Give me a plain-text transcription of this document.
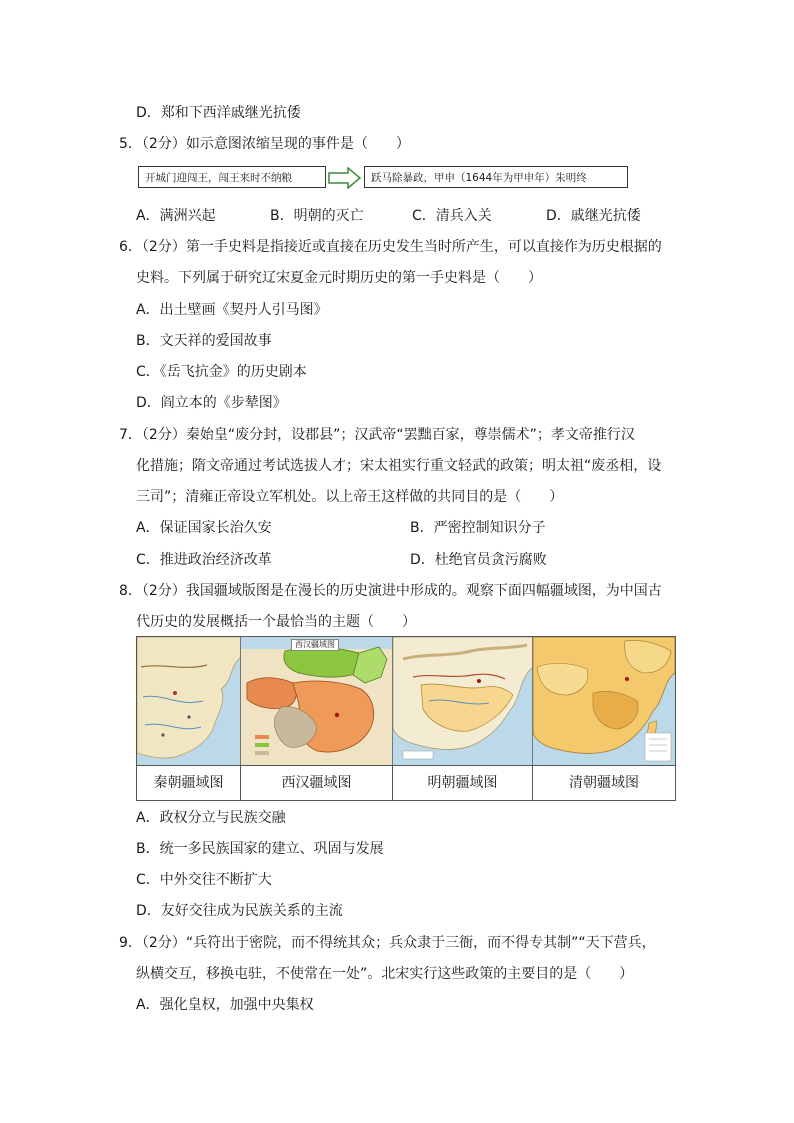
D．郑和下西洋戚继光抗倭
5．（2分）如示意图浓缩呈现的事件是（　　）
开城门迎闯王，闯王来时不纳粮	跃马除暴政，甲申（1644年为甲申年）朱明终
A．满洲兴起	B．明朝的灭亡	C．清兵入关	D．戚继光抗倭
6．（2分）第一手史料是指接近或直接在历史发生当时所产生，可以直接作为历史根据的
史料。下列属于研究辽宋夏金元时期历史的第一手史料是（　　）
A．出土壁画《契丹人引马图》
B．文天祥的爱国故事
C．《岳飞抗金》的历史剧本
D．阎立本的《步辇图》
7．（2分）秦始皇“废分封，设郡县”；汉武帝“罢黜百家，尊崇儒术”；孝文帝推行汉
化措施；隋文帝通过考试选拔人才；宋太祖实行重文轻武的政策；明太祖“废丞相，设
三司”；清雍正帝设立军机处。以上帝王这样做的共同目的是（　　）
A．保证国家长治久安	B．严密控制知识分子
C．推进政治经济改革	D．杜绝官员贪污腐败
8．（2分）我国疆域版图是在漫长的历史演进中形成的。观察下面四幅疆域图，为中国古
代历史的发展概括一个最恰当的主题（　　）
西汉疆域图
秦朝疆域图	西汉疆域图	明朝疆域图	清朝疆域图
A．政权分立与民族交融
B．统一多民族国家的建立、巩固与发展
C．中外交往不断扩大
D．友好交往成为民族关系的主流
9．（2分）“兵符出于密院，而不得统其众；兵众隶于三衙，而不得专其制”“天下营兵，
纵横交互，移换屯驻，不使常在一处”。北宋实行这些政策的主要目的是（　　）
A．强化皇权，加强中央集权
